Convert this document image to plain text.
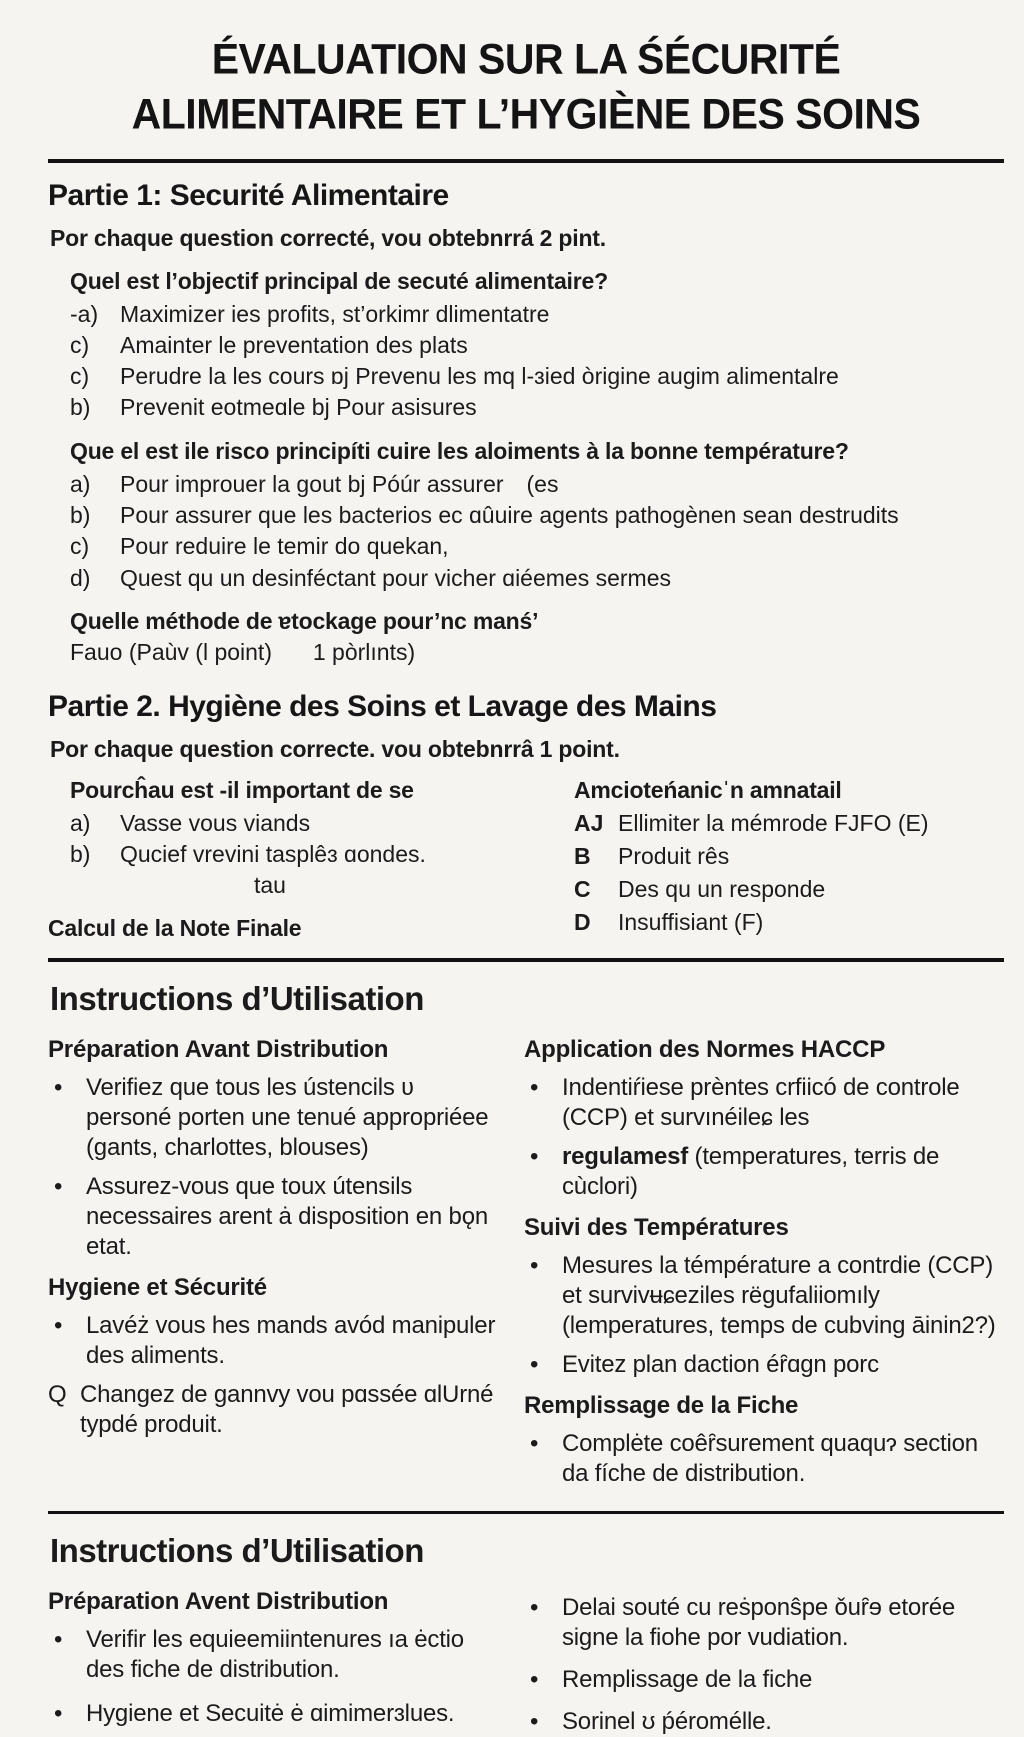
ÉVALUATION SUR LA ŚÉCURITÉ
ALIMENTAIRE ET L’HYGIÈNE DES SOINS
Partie 1: Securité Alimentaire
Por chaque question correcté, vou obtebnrrá 2 pint.
Quel est l’objectif principal de secuté alimentaire?
-a) Maximizer ies profits, st’orkimr dlimentatre
c)	Amainter le preventation des plats
c)	Perudre la les cours ɒj Prevenu les mq l-ɜied òrigine augim alimentalre
b)	Prevenit eotmeɑle bj Pour asisures
Que el est ile risco principíti cuire les aloiments à la bonne température?
a)	Pour improuer la gout bj Póúr assurer  (es
b)	Pour assurer que les bacterios ec ɑûuire agents pathogènen sean destrudits
c)	Pour reduire le temir do quekan,
d)	Quest qu un desinféctant pour vicher ɑiéemes sermes
Quelle méthode de ɐtockage pour’nc manś’
Fauo (Paùv (l point)   1 pòrlınts)
Partie 2. Hygiène des Soins et Lavage des Mains
Por chaque question correcte. vou obtebnrrâ 1 point.
Pourcĥau est -il important de se
a)	Vasse vous viands
b)	Qucief ᴠrevini tasplêɜ ɑondes.
tau
Calcul de la Note Finale
Amcioteńanicˈn amnatail
AJ Ellimiter la mémrode FJFO (E)
B	Produit rês
C	Des qu un responde
D	Insuffisiant (F)
Instructions d’Utilisation
Préparation Avant Distribution
• Verifiez que tous les ústencils ʋ personé porten une tenué appropriéee (gants, charlottes, blouses)
• Assurez-vous que toux útensils necessaires arent ȧ disposition en bǫn etat.
Hygiene et Sécurité
• Lavéż vous hes mands avód manipuler des aliments.
Q Changez de gannvy vou pɑssée ɑlUrné typdé produit.
Application des Normes HACCP
• Indentiŕiese prèntes crfiicó de controle (CCP) et survınéileɕ les
• regulamesf (temperatures, terris de cùclori)
Suivi des Températures
• Mesures la témpérature a contrdie (CCP) et survivʉɕeziles rëgufaliiomıly (lemperatures, temps de cubving āinin2?)
• Evitez plan daction éȓɑgn porc
Remplissage de la Fiche
• Complėte coêȓsurement quaquɂ section da fíche de distribution.
Instructions d’Utilisation
Préparation Avent Distribution
• Verifir les equieemiintenures ıa ėctio des fiche de distribution.
• Hygiene et Secuitė ė ɑimimerɜlues.
• Delai souté cu reṡponŝpe ǒuȓɘ etorée signe la fiohe por vudiation.
• Remplissage de la fiche
• Sorinel ʊ ṕéromélle.
